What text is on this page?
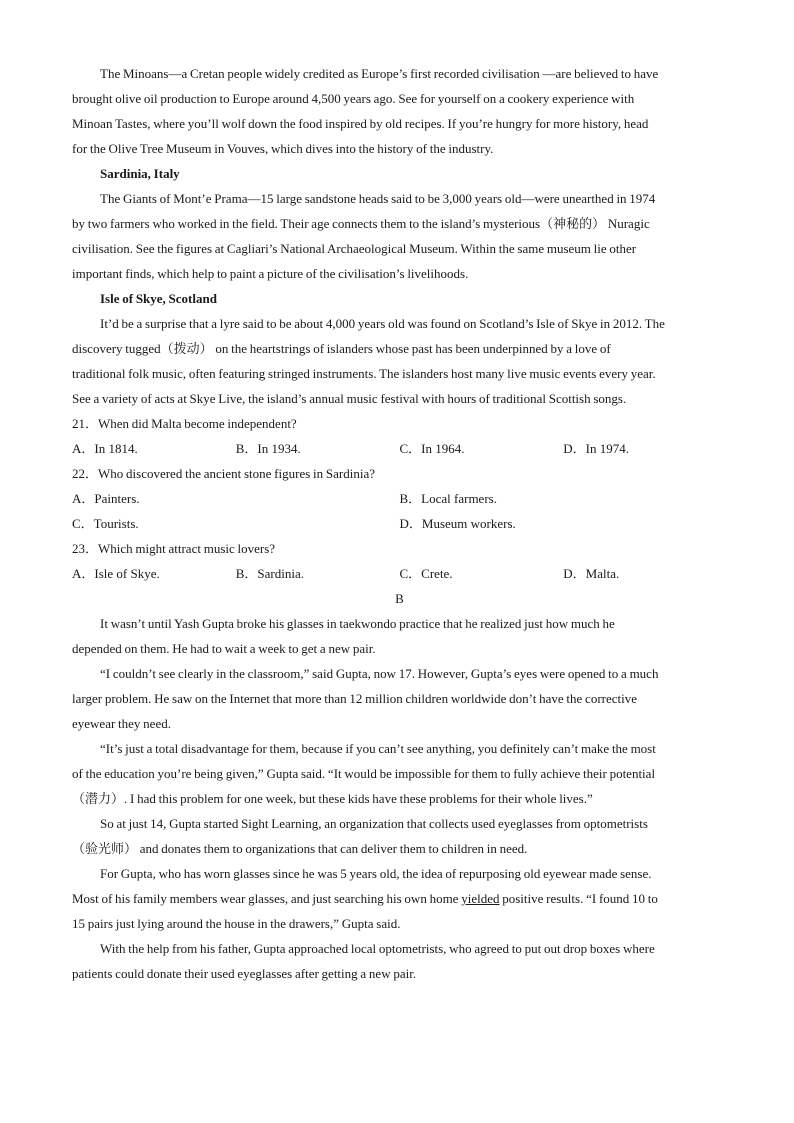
The Minoans—a Cretan people widely credited as Europe’s first recorded civilisation —are believed to have
brought olive oil production to Europe around 4,500 years ago. See for yourself on a cookery experience with
Minoan Tastes, where you’ll wolf down the food inspired by old recipes. If you’re hungry for more history, head
for the Olive Tree Museum in Vouves, which dives into the history of the industry.
Sardinia, Italy
The Giants of Mont’e Prama—15 large sandstone heads said to be 3,000 years old—were unearthed in 1974
by two farmers who worked in the field. Their age connects them to the island’s mysterious（神秘的） Nuragic
civilisation. See the figures at Cagliari’s National Archaeological Museum. Within the same museum lie other
important finds, which help to paint a picture of the civilisation’s livelihoods.
Isle of Skye, Scotland
It’d be a surprise that a lyre said to be about 4,000 years old was found on Scotland’s Isle of Skye in 2012. The
discovery tugged（拨动） on the heartstrings of islanders whose past has been underpinned by a love of
traditional folk music, often featuring stringed instruments. The islanders host many live music events every year.
See a variety of acts at Skye Live, the island’s annual music festival with hours of traditional Scottish songs.
21．When did Malta become independent?
A．In 1814.	B．In 1934.	C．In 1964.	D．In 1974.
22．Who discovered the ancient stone figures in Sardinia?
A．Painters.	B．Local farmers.
C．Tourists.	D．Museum workers.
23．Which might attract music lovers?
A．Isle of Skye.	B．Sardinia.	C．Crete.	D．Malta.
B
It wasn’t until Yash Gupta broke his glasses in taekwondo practice that he realized just how much he
depended on them. He had to wait a week to get a new pair.
“I couldn’t see clearly in the classroom,” said Gupta, now 17. However, Gupta’s eyes were opened to a much
larger problem. He saw on the Internet that more than 12 million children worldwide don’t have the corrective
eyewear they need.
“It’s just a total disadvantage for them, because if you can’t see anything, you definitely can’t make the most
of the education you’re being given,” Gupta said. “It would be impossible for them to fully achieve their potential
（潜力）. I had this problem for one week, but these kids have these problems for their whole lives.”
So at just 14, Gupta started Sight Learning, an organization that collects used eyeglasses from optometrists
（验光师） and donates them to organizations that can deliver them to children in need.
For Gupta, who has worn glasses since he was 5 years old, the idea of repurposing old eyewear made sense.
Most of his family members wear glasses, and just searching his own home yielded positive results. “I found 10 to
15 pairs just lying around the house in the drawers,” Gupta said.
With the help from his father, Gupta approached local optometrists, who agreed to put out drop boxes where
patients could donate their used eyeglasses after getting a new pair.
